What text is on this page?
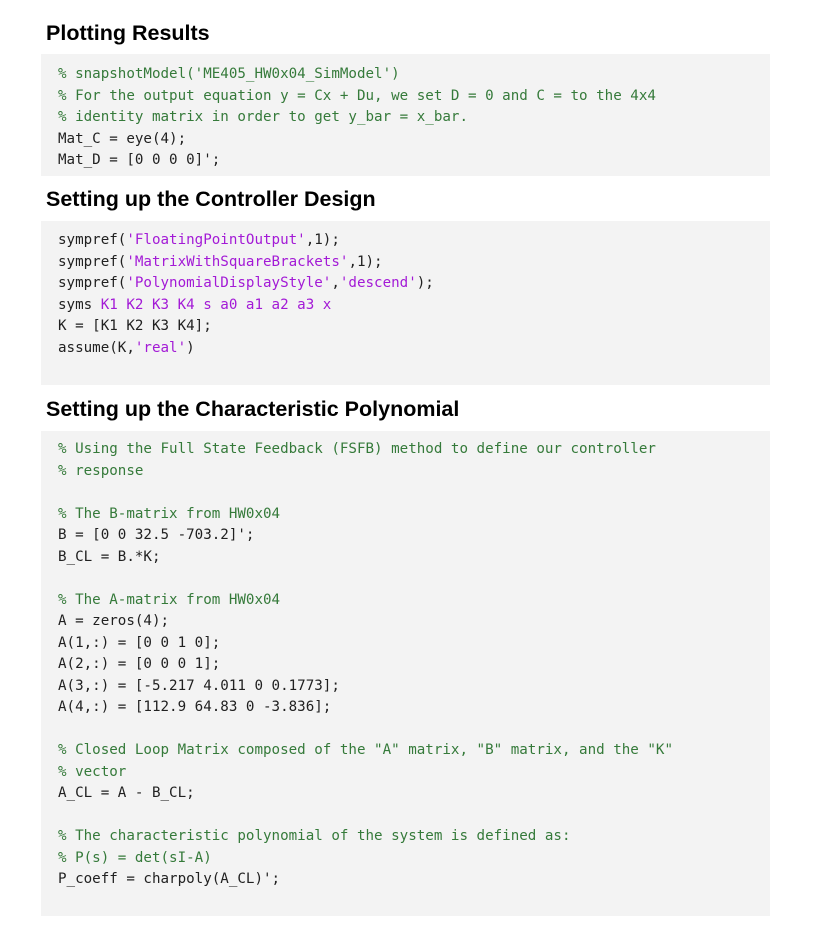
Plotting Results
% snapshotModel('ME405_HW0x04_SimModel')
% For the output equation y = Cx + Du, we set D = 0 and C = to the 4x4
% identity matrix in order to get y_bar = x_bar.
Mat_C = eye(4);
Mat_D = [0 0 0 0]';
Setting up the Controller Design
sympref('FloatingPointOutput',1);
sympref('MatrixWithSquareBrackets',1);
sympref('PolynomialDisplayStyle','descend');
syms K1 K2 K3 K4 s a0 a1 a2 a3 x
K = [K1 K2 K3 K4];
assume(K,'real')
Setting up the Characteristic Polynomial
% Using the Full State Feedback (FSFB) method to define our controller
% response
% The B-matrix from HW0x04
B = [0 0 32.5 -703.2]';
B_CL = B.*K;
% The A-matrix from HW0x04
A = zeros(4);
A(1,:) = [0 0 1 0];
A(2,:) = [0 0 0 1];
A(3,:) = [-5.217 4.011 0 0.1773];
A(4,:) = [112.9 64.83 0 -3.836];
% Closed Loop Matrix composed of the "A" matrix, "B" matrix, and the "K"
% vector
A_CL = A - B_CL;
% The characteristic polynomial of the system is defined as:
% P(s) = det(sI-A)
P_coeff = charpoly(A_CL)';
